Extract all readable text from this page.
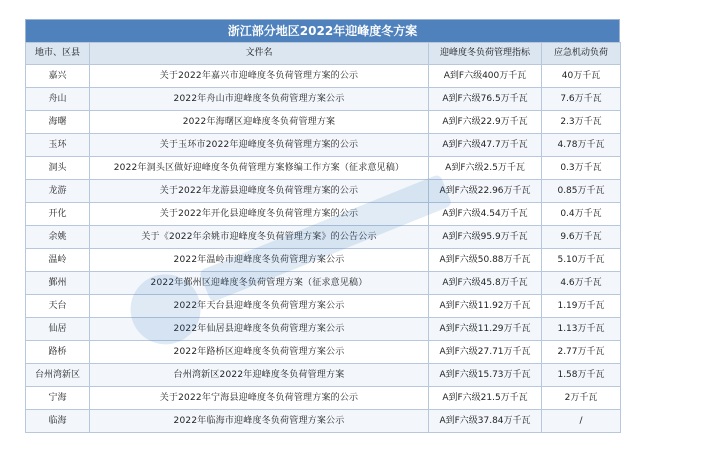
浙江部分地区2022年迎峰度冬方案
地市、区县	文件名	迎峰度冬负荷管理指标	应急机动负荷
嘉兴	关于2022年嘉兴市迎峰度冬负荷管理方案的公示	A到F六级400万千瓦	40万千瓦
舟山	2022年舟山市迎峰度冬负荷管理方案公示	A到F六级76.5万千瓦	7.6万千瓦
海曙	2022年海曙区迎峰度冬负荷管理方案	A到F六级22.9万千瓦	2.3万千瓦
玉环	关于玉环市2022年迎峰度冬负荷管理方案的公示	A到F六级47.7万千瓦	4.78万千瓦
洞头	2022年洞头区做好迎峰度冬负荷管理方案修编工作方案（征求意见稿）	A到F六级2.5万千瓦	0.3万千瓦
龙游	关于2022年龙游县迎峰度冬负荷管理方案的公示	A到F六级22.96万千瓦	0.85万千瓦
开化	关于2022年开化县迎峰度冬负荷管理方案的公示	A到F六级4.54万千瓦	0.4万千瓦
余姚	关于《2022年余姚市迎峰度冬负荷管理方案》的公告公示	A到F六级95.9万千瓦	9.6万千瓦
温岭	2022年温岭市迎峰度冬负荷管理方案公示	A到F六级50.88万千瓦	5.10万千瓦
鄞州	2022年鄞州区迎峰度冬负荷管理方案（征求意见稿）	A到F六级45.8万千瓦	4.6万千瓦
天台	2022年天台县迎峰度冬负荷管理方案公示	A到F六级11.92万千瓦	1.19万千瓦
仙居	2022年仙居县迎峰度冬负荷管理方案公示	A到F六级11.29万千瓦	1.13万千瓦
路桥	2022年路桥区迎峰度冬负荷管理方案公示	A到F六级27.71万千瓦	2.77万千瓦
台州湾新区	台州湾新区2022年迎峰度冬负荷管理方案	A到F六级15.73万千瓦	1.58万千瓦
宁海	关于2022年宁海县迎峰度冬负荷管理方案的公示	A到F六级21.5万千瓦	2万千瓦
临海	2022年临海市迎峰度冬负荷管理方案公示	A到F六级37.84万千瓦	/
